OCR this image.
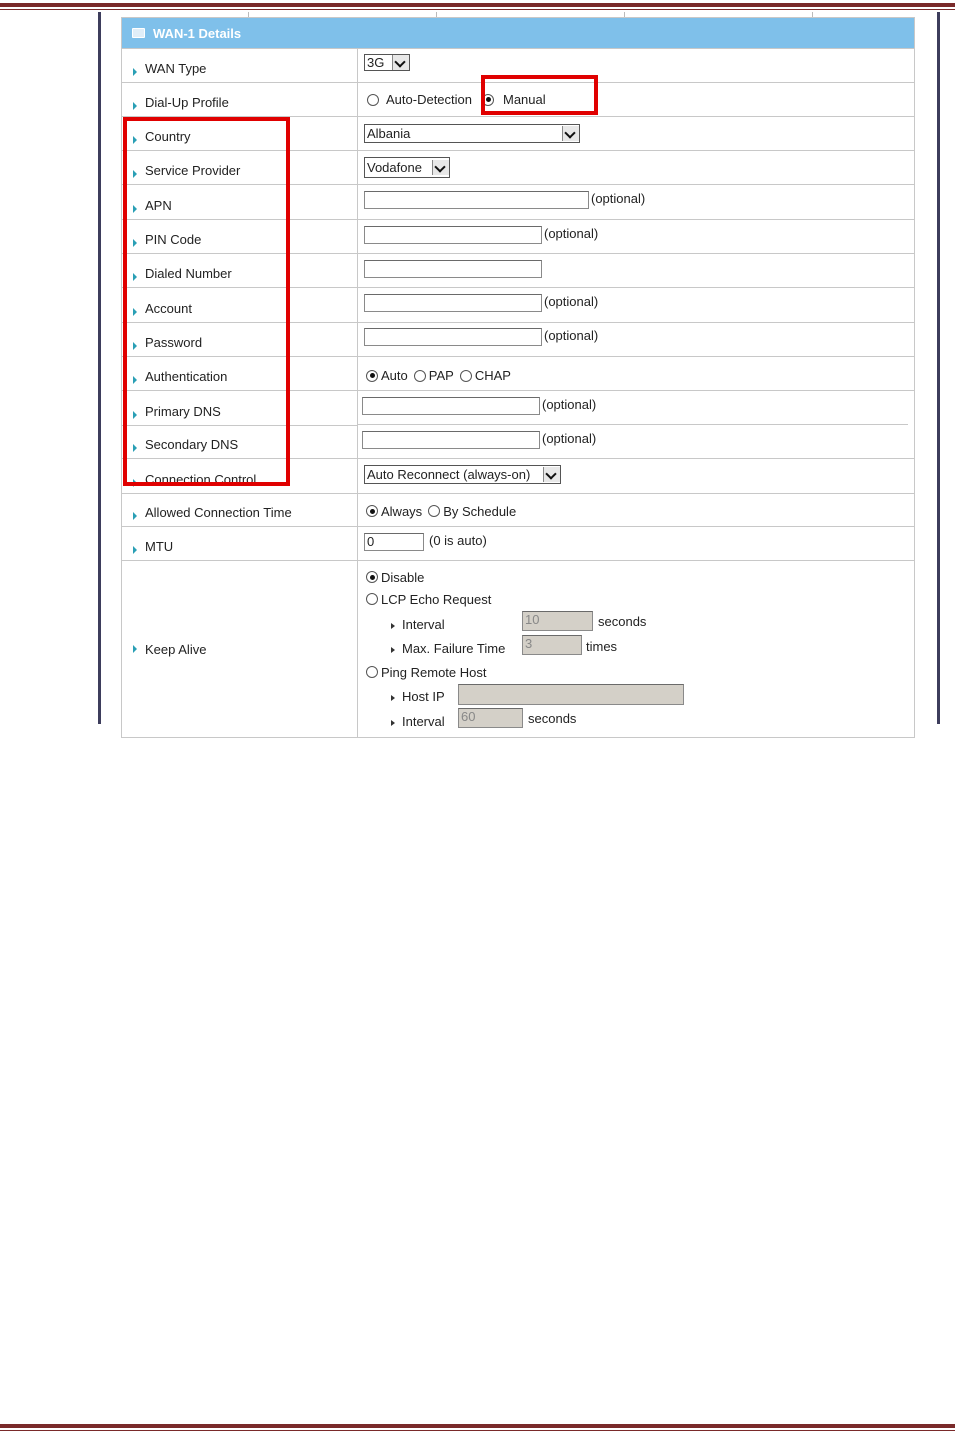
WAN-1 Details
WAN Type	3G
Dial-Up Profile	Auto-Detection Manual
Country	Albania
Service Provider	Vodafone
APN	(optional)
PIN Code	(optional)
Dialed Number
Account	(optional)
Password	(optional)
Authentication	Auto PAP CHAP
Primary DNS	(optional)
Secondary DNS	(optional)
Connection Control	Auto Reconnect (always-on)
Allowed Connection Time	Always By Schedule
MTU	0	(0 is auto)
Keep Alive
Disable
LCP Echo Request
Interval	10	seconds
Max. Failure Time 3	times
Ping Remote Host
Host IP
Interval 60	seconds
